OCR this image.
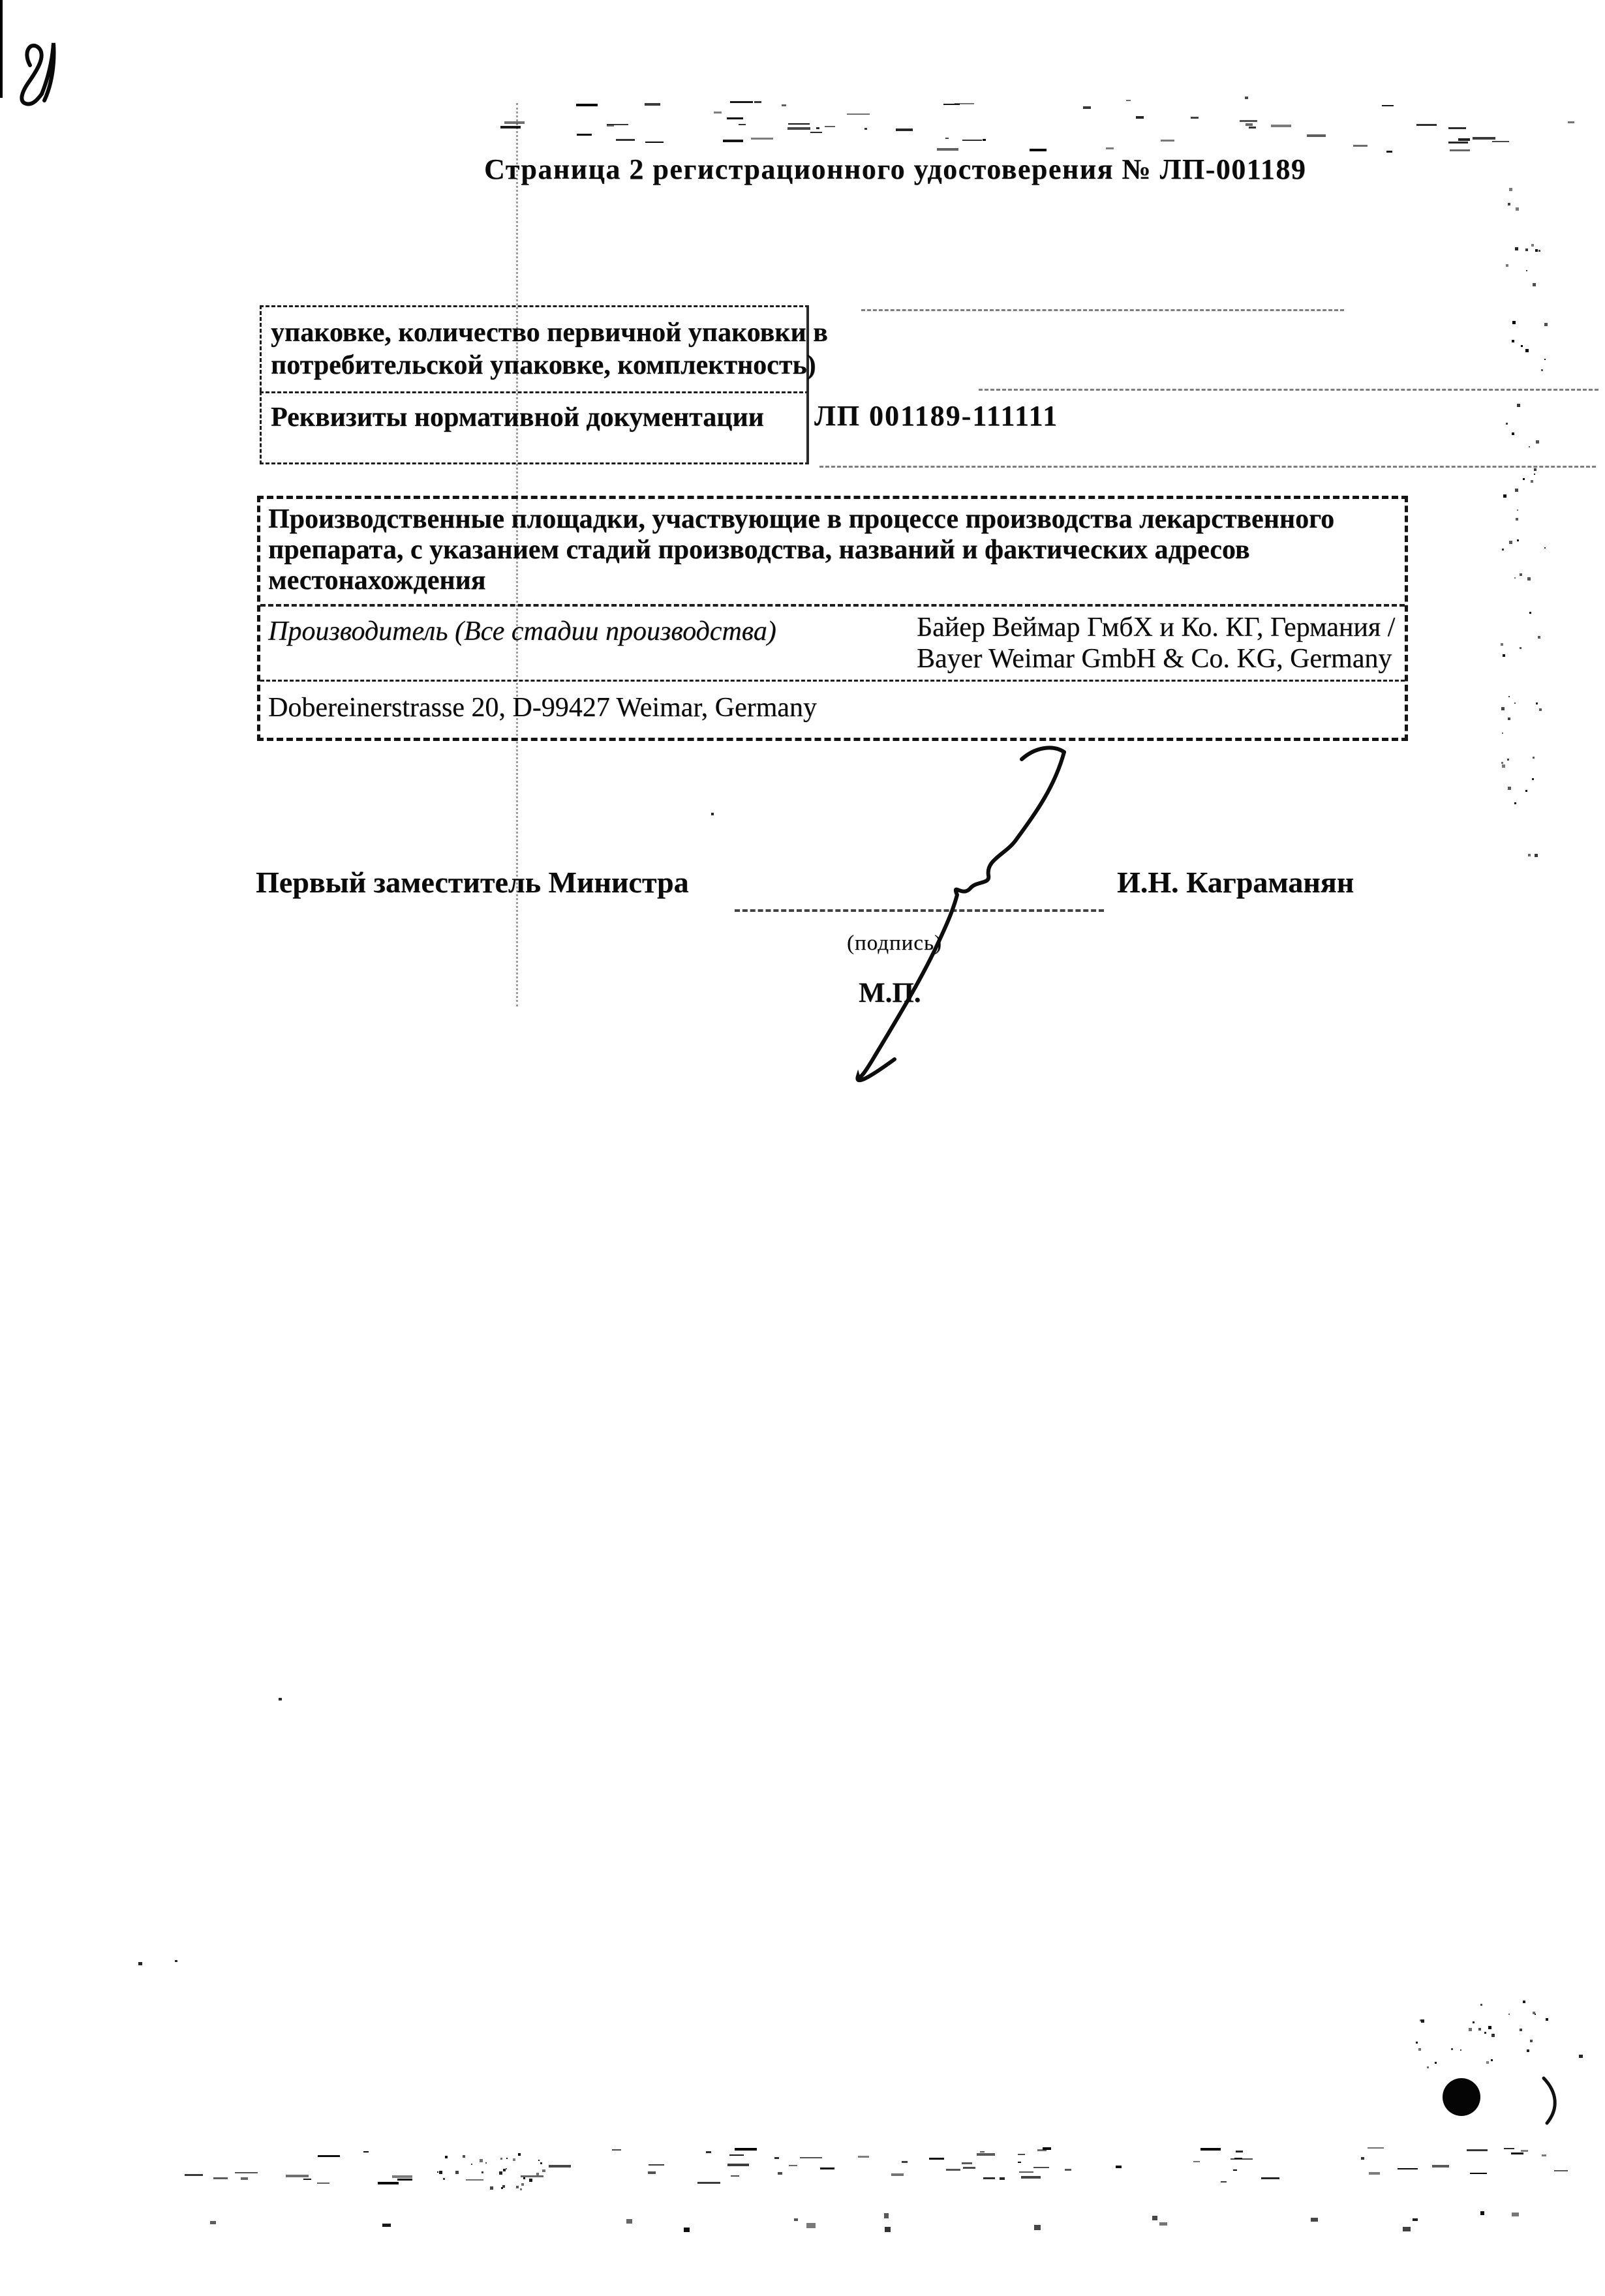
Страница 2 регистрационного удостоверения № ЛП-001189
упаковке, количество первичной упаковки в
потребительской упаковке, комплектность)
Реквизиты нормативной документации	ЛП 001189-111111
Производственные площадки, участвующие в процессе производства лекарственного препарата, с указанием стадий производства, названий и фактических адресов местонахождения
Производитель (Все стадии производства)	Байер Веймар ГмбХ и Ко. КГ, Германия /
Bayer Weimar GmbH & Co. KG, Germany
Dobereinerstrasse 20, D-99427 Weimar, Germany
Первый заместитель Министра
(подпись)
М.П.
И.Н. Каграманян
